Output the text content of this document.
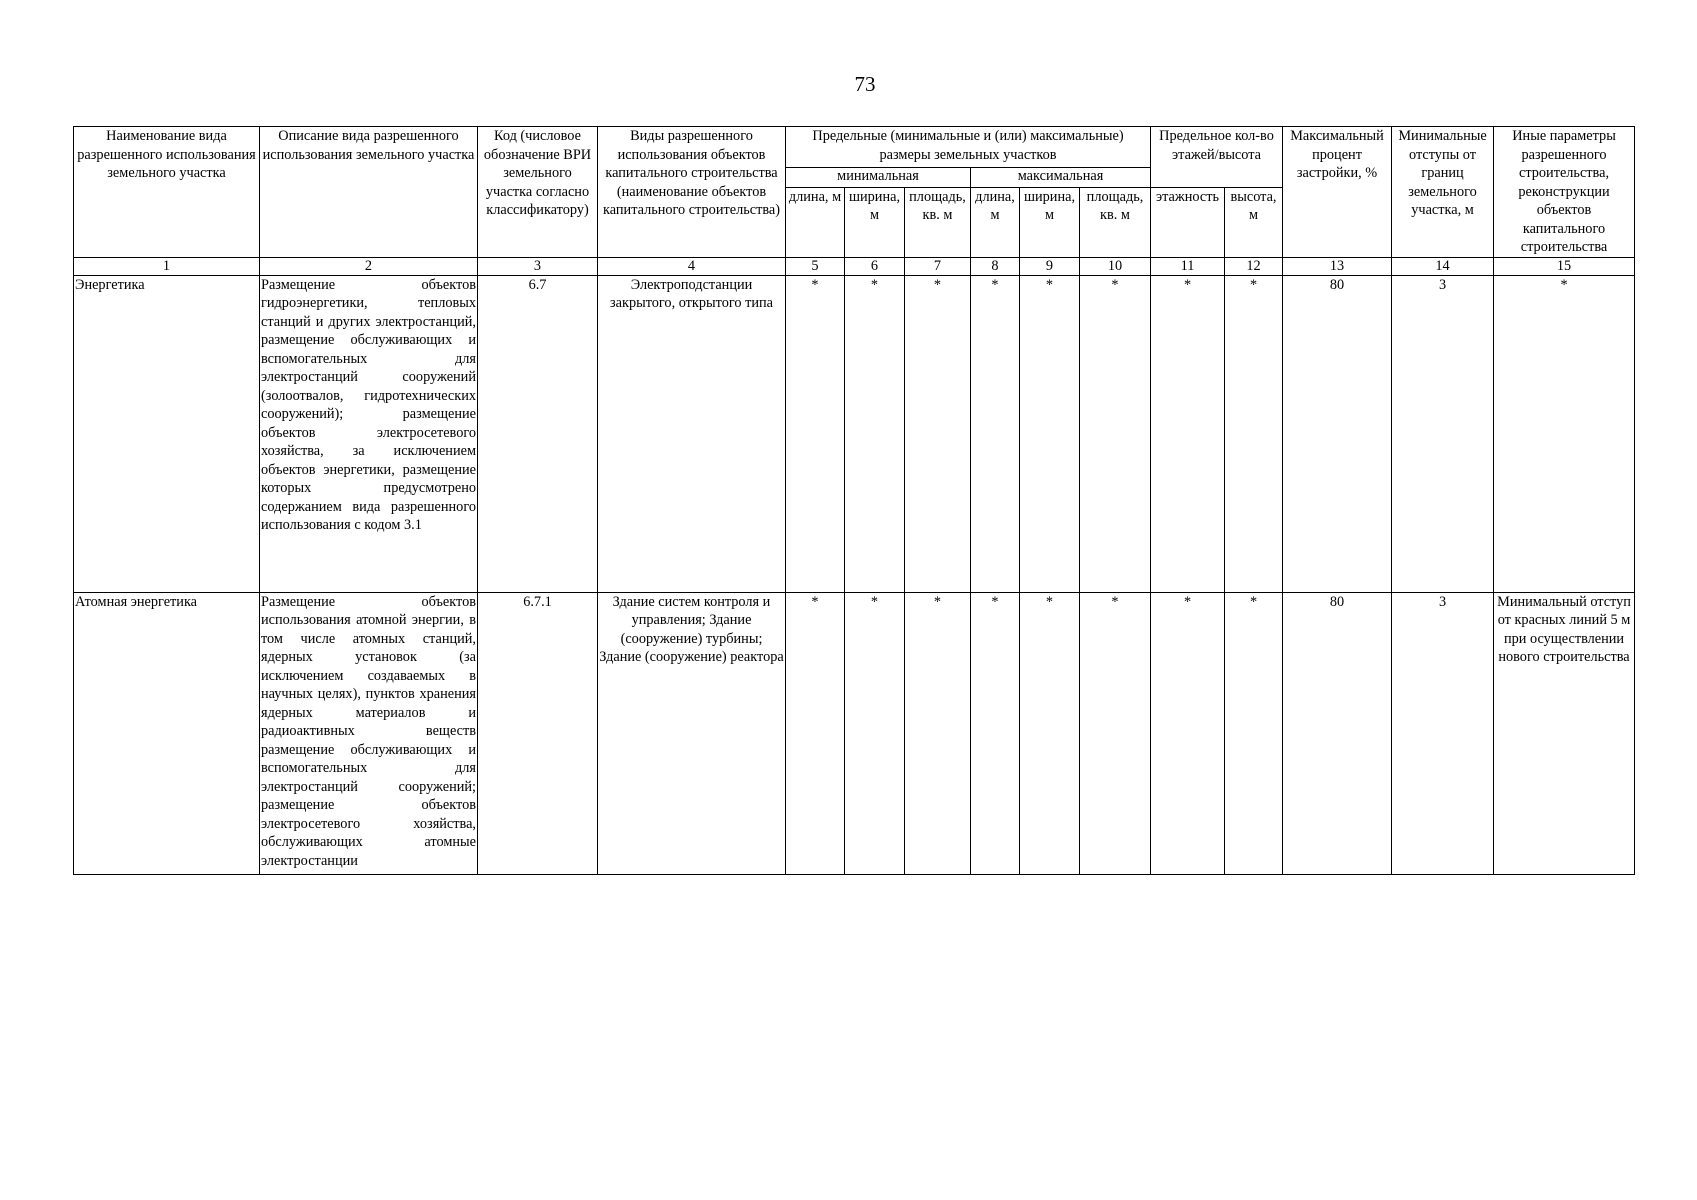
73
Наименование вида разрешенного использования земельного участка	Описание вида разрешенного использования земельного участка	Код (числовое обозначение ВРИ земельного участка согласно классификатору)	Виды разрешенного использования объектов капитального строительства (наименование объектов капитального строительства)	Предельные (минимальные и (или) максимальные) размеры земельных участков						Предельное кол-во этажей/высота		Максимальный процент застройки, %	Минимальные отступы от границ земельного участка, м	Иные параметры разрешенного строительства, реконструкции объектов капитального строительства
				минимальная			максимальная							
				длина, м	ширина, м	площадь, кв. м	длина, м	ширина, м	площадь, кв. м	этажность	высота, м			
1	2	3	4	5	6	7	8	9	10	11	12	13	14	15
Энергетика	Размещение объектов гидроэнергетики, тепловых станций и других электростанций, размещение обслуживающих и вспомогательных для электростанций сооружений (золоотвалов, гидротехнических сооружений); размещение объектов электросетевого хозяйства, за исключением объектов энергетики, размещение которых предусмотрено содержанием вида разрешенного использования с кодом 3.1	6.7	Электроподстанции закрытого, открытого типа	*	*	*	*	*	*	*	*	80	3	*
Атомная энергетика	Размещение объектов использования атомной энергии, в том числе атомных станций, ядерных установок (за исключением создаваемых в научных целях), пунктов хранения ядерных материалов и радиоактивных веществ размещение обслуживающих и вспомогательных для электростанций сооружений; размещение объектов электросетевого хозяйства, обслуживающих атомные электростанции	6.7.1	Здание систем контроля и управления; Здание (сооружение) турбины; Здание (сооружение) реактора	*	*	*	*	*	*	*	*	80	3	Минимальный отступ от красных линий 5 м при осуществлении нового строительства
